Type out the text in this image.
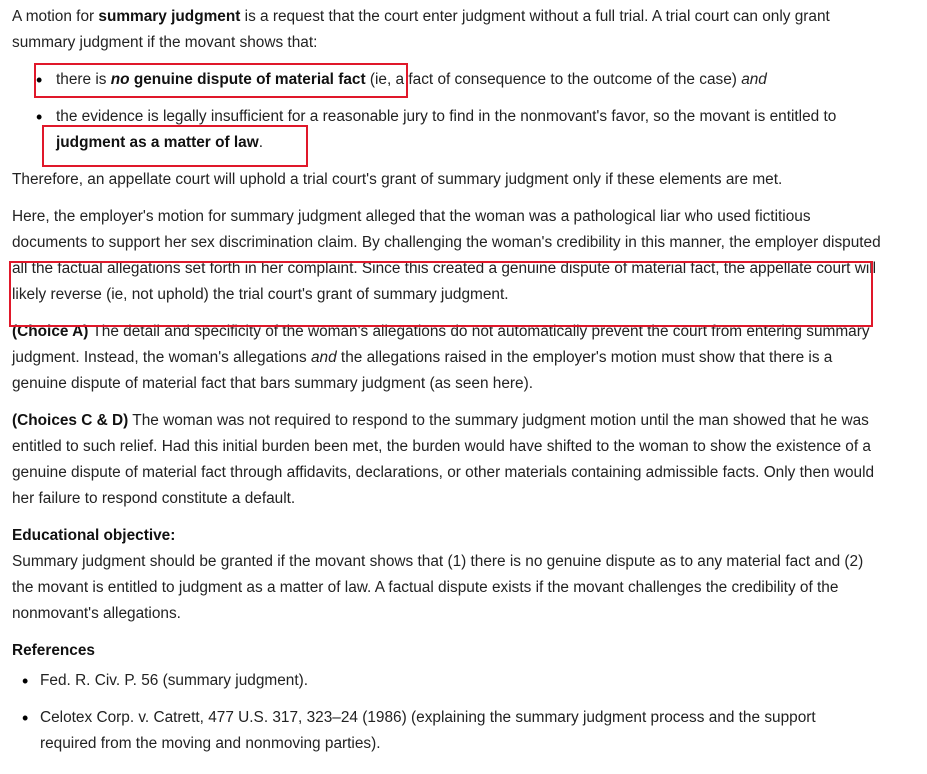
A motion for summary judgment is a request that the court enter judgment without a full trial. A trial court can only grant summary judgment if the movant shows that:

• there is no genuine dispute of material fact (ie, a fact of consequence to the outcome of the case) and
• the evidence is legally insufficient for a reasonable jury to find in the nonmovant's favor, so the movant is entitled to judgment as a matter of law.

Therefore, an appellate court will uphold a trial court's grant of summary judgment only if these elements are met.

Here, the employer's motion for summary judgment alleged that the woman was a pathological liar who used fictitious documents to support her sex discrimination claim. By challenging the woman's credibility in this manner, the employer disputed all the factual allegations set forth in her complaint. Since this created a genuine dispute of material fact, the appellate court will likely reverse (ie, not uphold) the trial court's grant of summary judgment.

(Choice A) The detail and specificity of the woman's allegations do not automatically prevent the court from entering summary judgment. Instead, the woman's allegations and the allegations raised in the employer's motion must show that there is a genuine dispute of material fact that bars summary judgment (as seen here).

(Choices C & D) The woman was not required to respond to the summary judgment motion until the man showed that he was entitled to such relief. Had this initial burden been met, the burden would have shifted to the woman to show the existence of a genuine dispute of material fact through affidavits, declarations, or other materials containing admissible facts. Only then would her failure to respond constitute a default.

Educational objective:

Summary judgment should be granted if the movant shows that (1) there is no genuine dispute as to any material fact and (2) the movant is entitled to judgment as a matter of law. A factual dispute exists if the movant challenges the credibility of the nonmovant's allegations.

References

• Fed. R. Civ. P. 56 (summary judgment).
• Celotex Corp. v. Catrett, 477 U.S. 317, 323–24 (1986) (explaining the summary judgment process and the support required from the moving and nonmoving parties).
